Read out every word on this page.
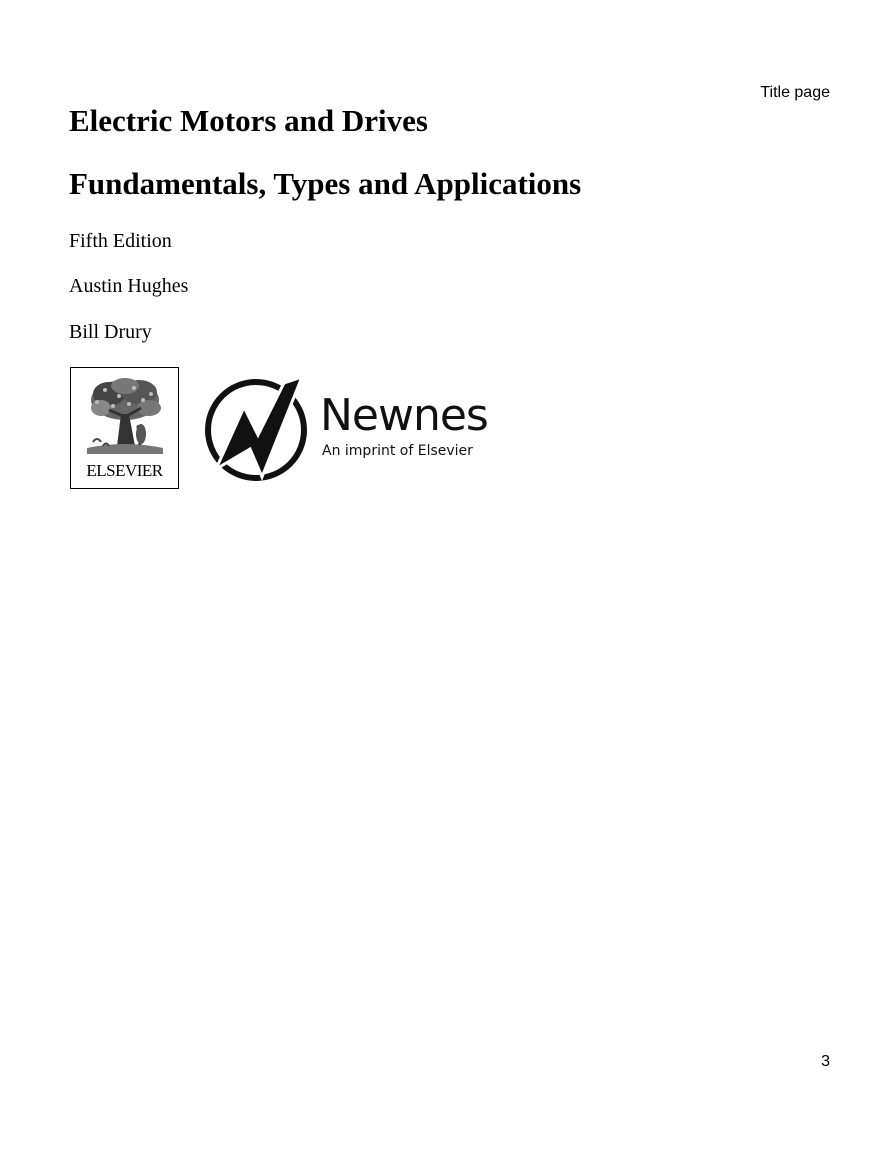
Title page
Electric Motors and Drives
Fundamentals, Types and Applications
Fifth Edition
Austin Hughes
Bill Drury
ELSEVIER
Newnes
An imprint of Elsevier
3
